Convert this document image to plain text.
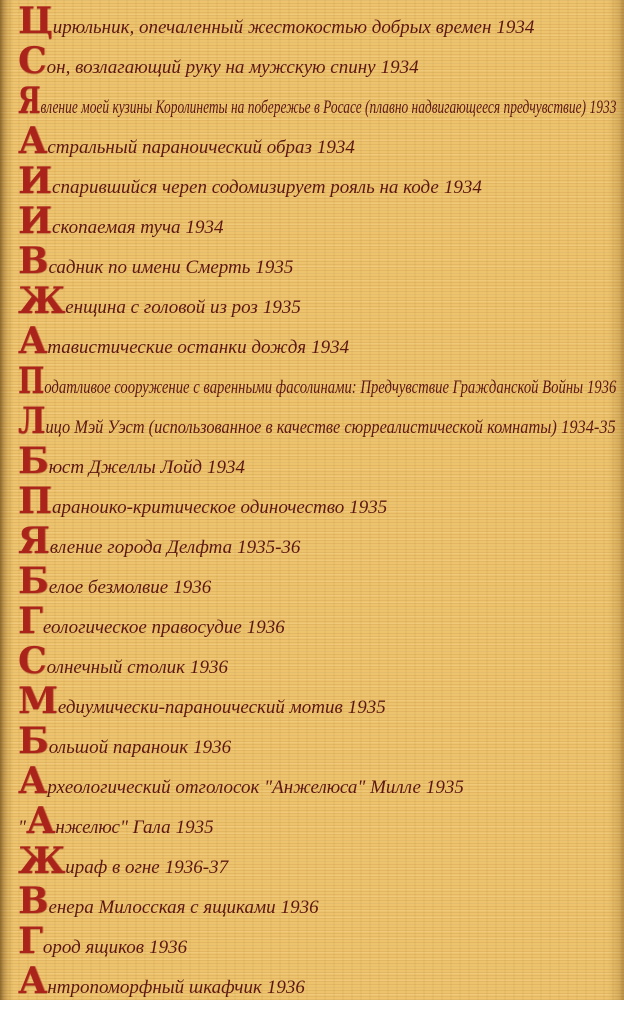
Цирюльник, опечаленный жестокостью добрых времен 1934
Сон, возлагающий руку на мужскую спину 1934
Явление моей кузины Королинеты на побережье в Росасе (плавно надвигающееся предчувствие) 1933
Астральный параноический образ 1934
Испарившийся череп содомизирует рояль на коде 1934
Ископаемая туча 1934
Всадник по имени Смерть 1935
Женщина с головой из роз 1935
Атавистические останки дождя 1934
Податливое сооружение с варенными фасолинами: Предчувствие Гражданской Войны 1936
Лицо Мэй Уэст (использованное в качестве сюрреалистической комнаты) 1934-35
Бюст Джеллы Лойд 1934
Параноико-критическое одиночество 1935
Явление города Делфта 1935-36
Белое безмолвие 1936
Геологическое правосудие 1936
Солнечный столик 1936
Медиумически-параноический мотив 1935
Большой параноик 1936
Археологический отголосок "Анжелюса" Милле 1935
"Анжелюс" Гала 1935
Жираф в огне 1936-37
Венера Милосская с ящиками 1936
Город ящиков 1936
Антропоморфный шкафчик 1936
